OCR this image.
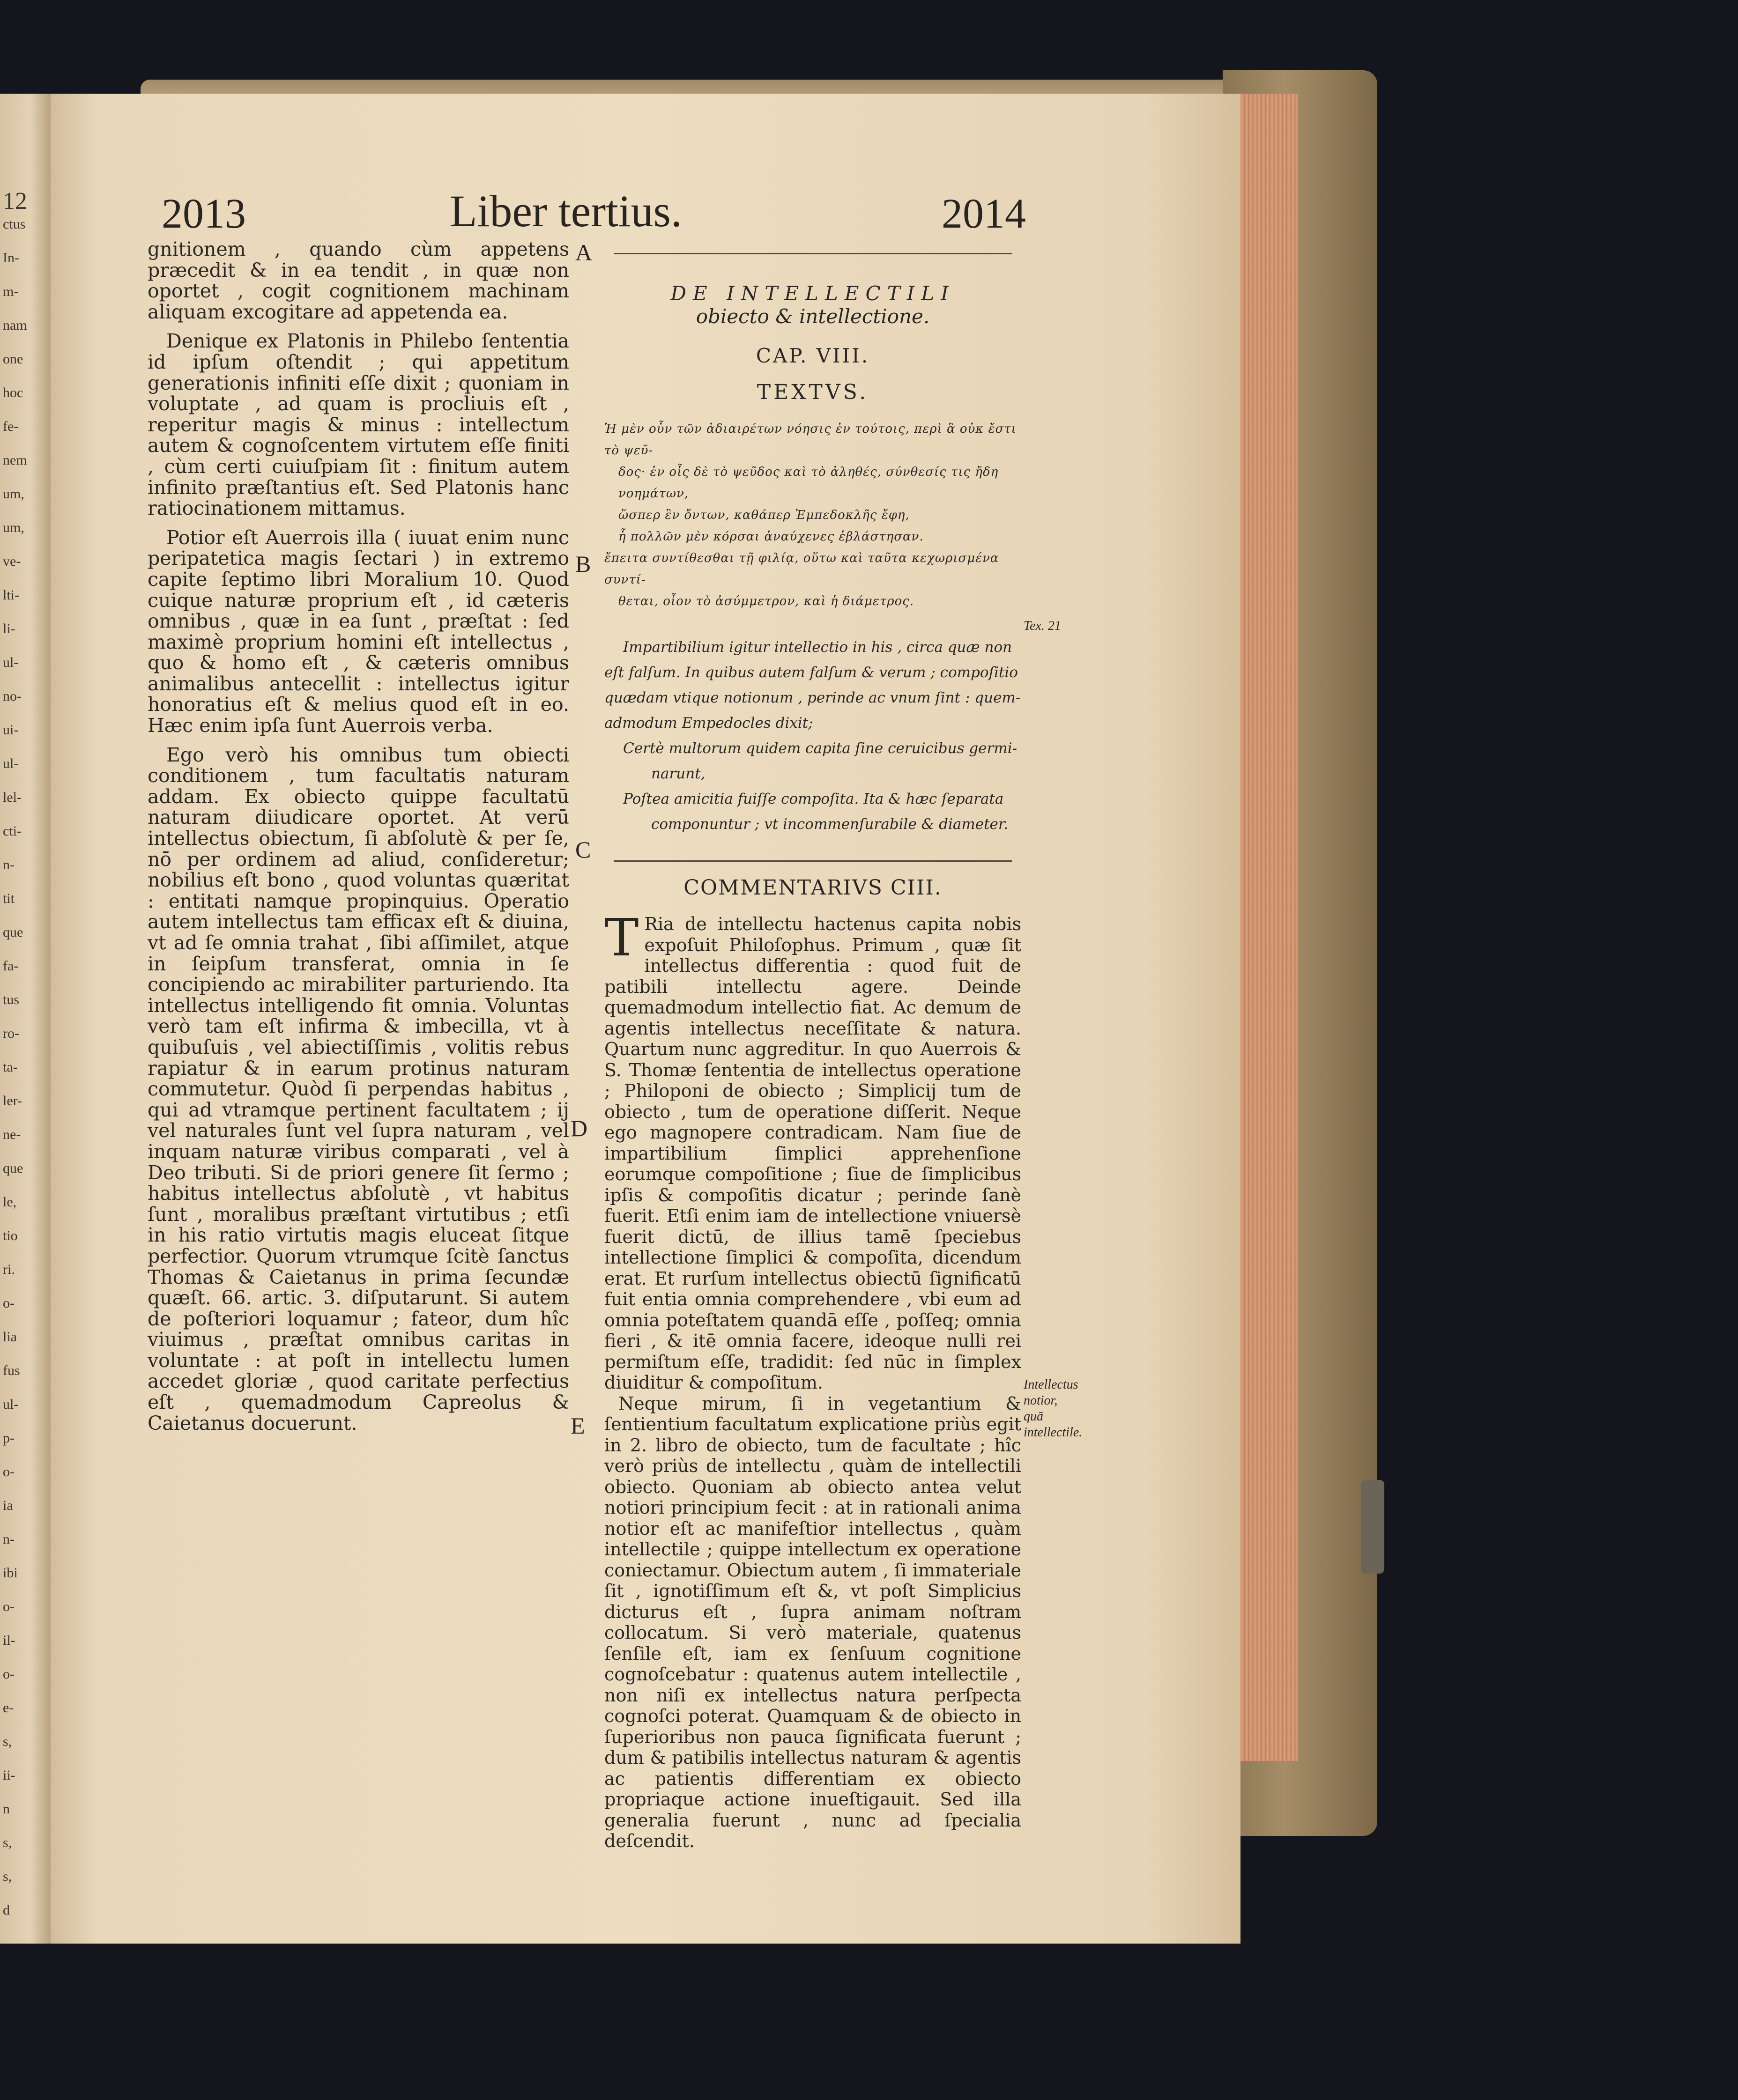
12
ctus
In-
m-
nam
one
hoc
fe-
nem
um,
um,
ve-
lti-
li-
ul-
no-
ui-
ul-
lel-
cti-
n-
tit
que
fa-
tus
ro-
ta-
ler-
ne-
que
le,
tio
ri.
o-
lia
fus
ul-
p-
o-
ia
n-
ibi
o-
il-
o-
e-
s,
ii-
n
s,
s,
d
2013	Liber tertius.	2014

gnitionem , quando cùm appetens præcedit & in ea tendit , in quæ non oportet , cogit cognitionem machinam aliquam excogitare ad appetenda ea.

Denique ex Platonis in Philebo ſententia id ipſum oſtendit ; qui appetitum generationis infiniti eſſe dixit ; quoniam in voluptate , ad quam is procliuis eſt , reperitur magis & minus : intellectum autem & cognoſcentem virtutem eſſe finiti , cùm certi cuiuſpiam ſit : finitum autem infinito præſtantius eſt. Sed Platonis hanc ratiocinationem mittamus.

Potior eſt Auerrois illa ( iuuat enim nunc peripatetica magis ſectari ) in extremo capite ſeptimo libri Moralium 10. Quod cuique naturæ proprium eſt , id cæteris omnibus , quæ in ea ſunt , præſtat : ſed maximè proprium homini eſt intellectus , quo & homo eſt , & cæteris omnibus animalibus antecellit : intellectus igitur honoratius eſt & melius quod eſt in eo. Hæc enim ipſa ſunt Auerrois verba.

Ego verò his omnibus tum obiecti conditionem , tum facultatis naturam addam. Ex obiecto quippe facultatū naturam diiudicare oportet. At verū intellectus obiectum, ſi abſolutè & per ſe, nō per ordinem ad aliud, conſideretur; nobilius eſt bono , quod voluntas quæritat : entitati namque propinquius. Operatio autem intellectus tam efficax eſt & diuina, vt ad ſe omnia trahat , ſibi aſſimilet, atque in ſeipſum transferat, omnia in ſe concipiendo ac mirabiliter parturiendo. Ita intellectus intelligendo fit omnia. Voluntas verò tam eſt infirma & imbecilla, vt à quibuſuis , vel abiectiſſimis , volitis rebus rapiatur & in earum protinus naturam commutetur. Quòd ſi perpendas habitus , qui ad vtramque pertinent facultatem ; ij vel naturales ſunt vel ſupra naturam , vel inquam naturæ viribus comparati , vel à Deo tributi. Si de priori genere ſit ſermo ; habitus intellectus abſolutè , vt habitus ſunt , moralibus præſtant virtutibus ; etſi in his ratio virtutis magis eluceat ſitque perfectior. Quorum vtrumque ſcitè ſanctus Thomas & Caietanus in prima ſecundæ quæſt. 66. artic. 3. diſputarunt. Si autem de poſteriori loquamur ; fateor, dum hîc viuimus , præſtat omnibus caritas in voluntate : at poſt in intellectu lumen accedet gloriæ , quod caritate perfectius eſt , quemadmodum Capreolus & Caietanus docuerunt.

A
B
C
D
E
DE INTELLECTILI
obiecto & intellectione.
CAP. VIII.
TEXTVS.
Ἡ μὲν οὖν τῶν ἀδιαιρέτων νόησις ἐν τούτοις, περὶ ἃ οὐκ ἔστι τὸ ψεῦ-
δος· ἐν οἷς δὲ τὸ ψεῦδος καὶ τὸ ἀληθές, σύνθεσίς τις ἤδη νοημάτων,
ὥσπερ ἓν ὄντων, καθάπερ Ἐμπεδοκλῆς ἔφη,
ἧ πολλῶν μὲν κόρσαι ἀναύχενες ἐβλάστησαν.
ἔπειτα συντίθεσθαι τῇ φιλίᾳ, οὕτω καὶ ταῦτα κεχωρισμένα συντί-
θεται, οἷον τὸ ἀσύμμετρον, καὶ ἡ διάμετρος.
Impartibilium igitur intellectio in his , circa quæ non
eſt falſum. In quibus autem falſum & verum ; compoſitio
quædam vtique notionum , perinde ac vnum ſint : quem-
admodum Empedocles dixit;
Certè multorum quidem capita ſine ceruicibus germi-
narunt,
Poſtea amicitia fuiſſe compoſita. Ita & hæc ſeparata
componuntur ; vt incommenſurabile & diameter.
COMMENTARIVS CIII.

T Ria de intellectu hactenus capita nobis expoſuit Philoſophus. Primum , quæ ſit intellectus differentia : quod fuit de patibili intellectu agere. Deinde quemadmodum intellectio fiat. Ac demum de agentis intellectus neceſſitate & natura. Quartum nunc aggreditur. In quo Auerrois & S. Thomæ ſententia de intellectus operatione ; Philoponi de obiecto ; Simplicij tum de obiecto , tum de operatione diſſerit. Neque ego magnopere contradicam. Nam ſiue de impartibilium ſimplici apprehenſione eorumque compoſitione ; ſiue de ſimplicibus ipſis & compoſitis dicatur ; perinde ſanè fuerit. Etſi enim iam de intellectione vniuersè fuerit dictū, de illius tamē ſpeciebus intellectione ſimplici & compoſita, dicendum erat. Et rurſum intellectus obiectū ſignificatū fuit entia omnia comprehendere , vbi eum ad omnia poteſtatem quandā eſſe , poſſeq; omnia fieri , & itē omnia facere, ideoque nulli rei permiſtum eſſe, tradidit: ſed nūc in ſimplex diuiditur & compoſitum.

Neque mirum, ſi in vegetantium & ſentientium facultatum explicatione priùs egit in 2. libro de obiecto, tum de facultate ; hîc verò priùs de intellectu , quàm de intellectili obiecto. Quoniam ab obiecto antea velut notiori principium fecit : at in rationali anima notior eſt ac manifeſtior intellectus , quàm intellectile ; quippe intellectum ex operatione coniectamur. Obiectum autem , ſi immateriale ſit , ignotiſſimum eſt &, vt poſt Simplicius dicturus eſt , ſupra animam noſtram collocatum. Si verò materiale, quatenus ſenſile eſt, iam ex ſenſuum cognitione cognoſcebatur : quatenus autem intellectile , non niſi ex intellectus natura perſpecta cognoſci poterat. Quamquam & de obiecto in ſuperioribus non pauca ſignificata fuerunt ; dum & patibilis intellectus naturam & agentis ac patientis differentiam ex obiecto propriaque actione inueſtigauit. Sed illa generalia fuerunt , nunc ad ſpecialia deſcendit.

Tex. 21
Intellectus notior, quā intellectile.
